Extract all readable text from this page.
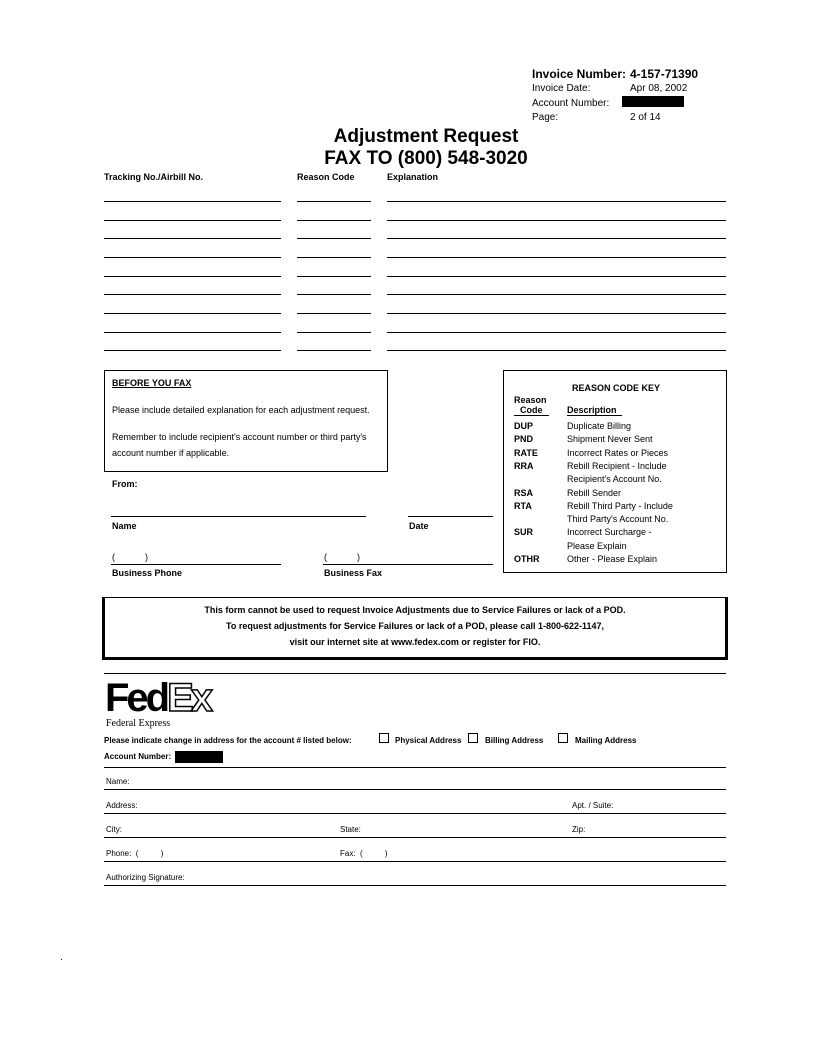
Invoice Number: 4-157-71390
Invoice Date:	Apr 08, 2002
Account Number:
Page:	2 of 14
Adjustment Request
FAX TO (800) 548-3020
Tracking No./Airbill No.	Reason Code	Explanation
BEFORE YOU FAX
Please include detailed explanation for each adjustment request.
Remember to include recipient's account number or third party's
account number if applicable.
From:
Name	Date
(            )	(            )
Business Phone	Business Fax
REASON CODE KEY
Reason
Code	Description
DUP	Duplicate Billing
PND	Shipment Never Sent
RATE	Incorrect Rates or Pieces
RRA	Rebill Recipient - Include
Recipient's Account No.
RSA	Rebill Sender
RTA	Rebill Third Party - Include
Third Party's Account No.
SUR	Incorrect Surcharge -
Please Explain
OTHR	Other - Please Explain
This form cannot be used to request Invoice Adjustments due to Service Failures or lack of a POD.
To request adjustments for Service Failures or lack of a POD, please call 1-800-622-1147,
visit our internet site at www.fedex.com or register for FIO.
FedEx
Federal Express
Please indicate change in address for the account # listed below:	Physical Address	Billing Address	Mailing Address
Account Number:
Name:
Address:	Apt. / Suite:
City:	State:	Zip:
Phone:  (          )	Fax:  (          )
Authorizing Signature:
.
